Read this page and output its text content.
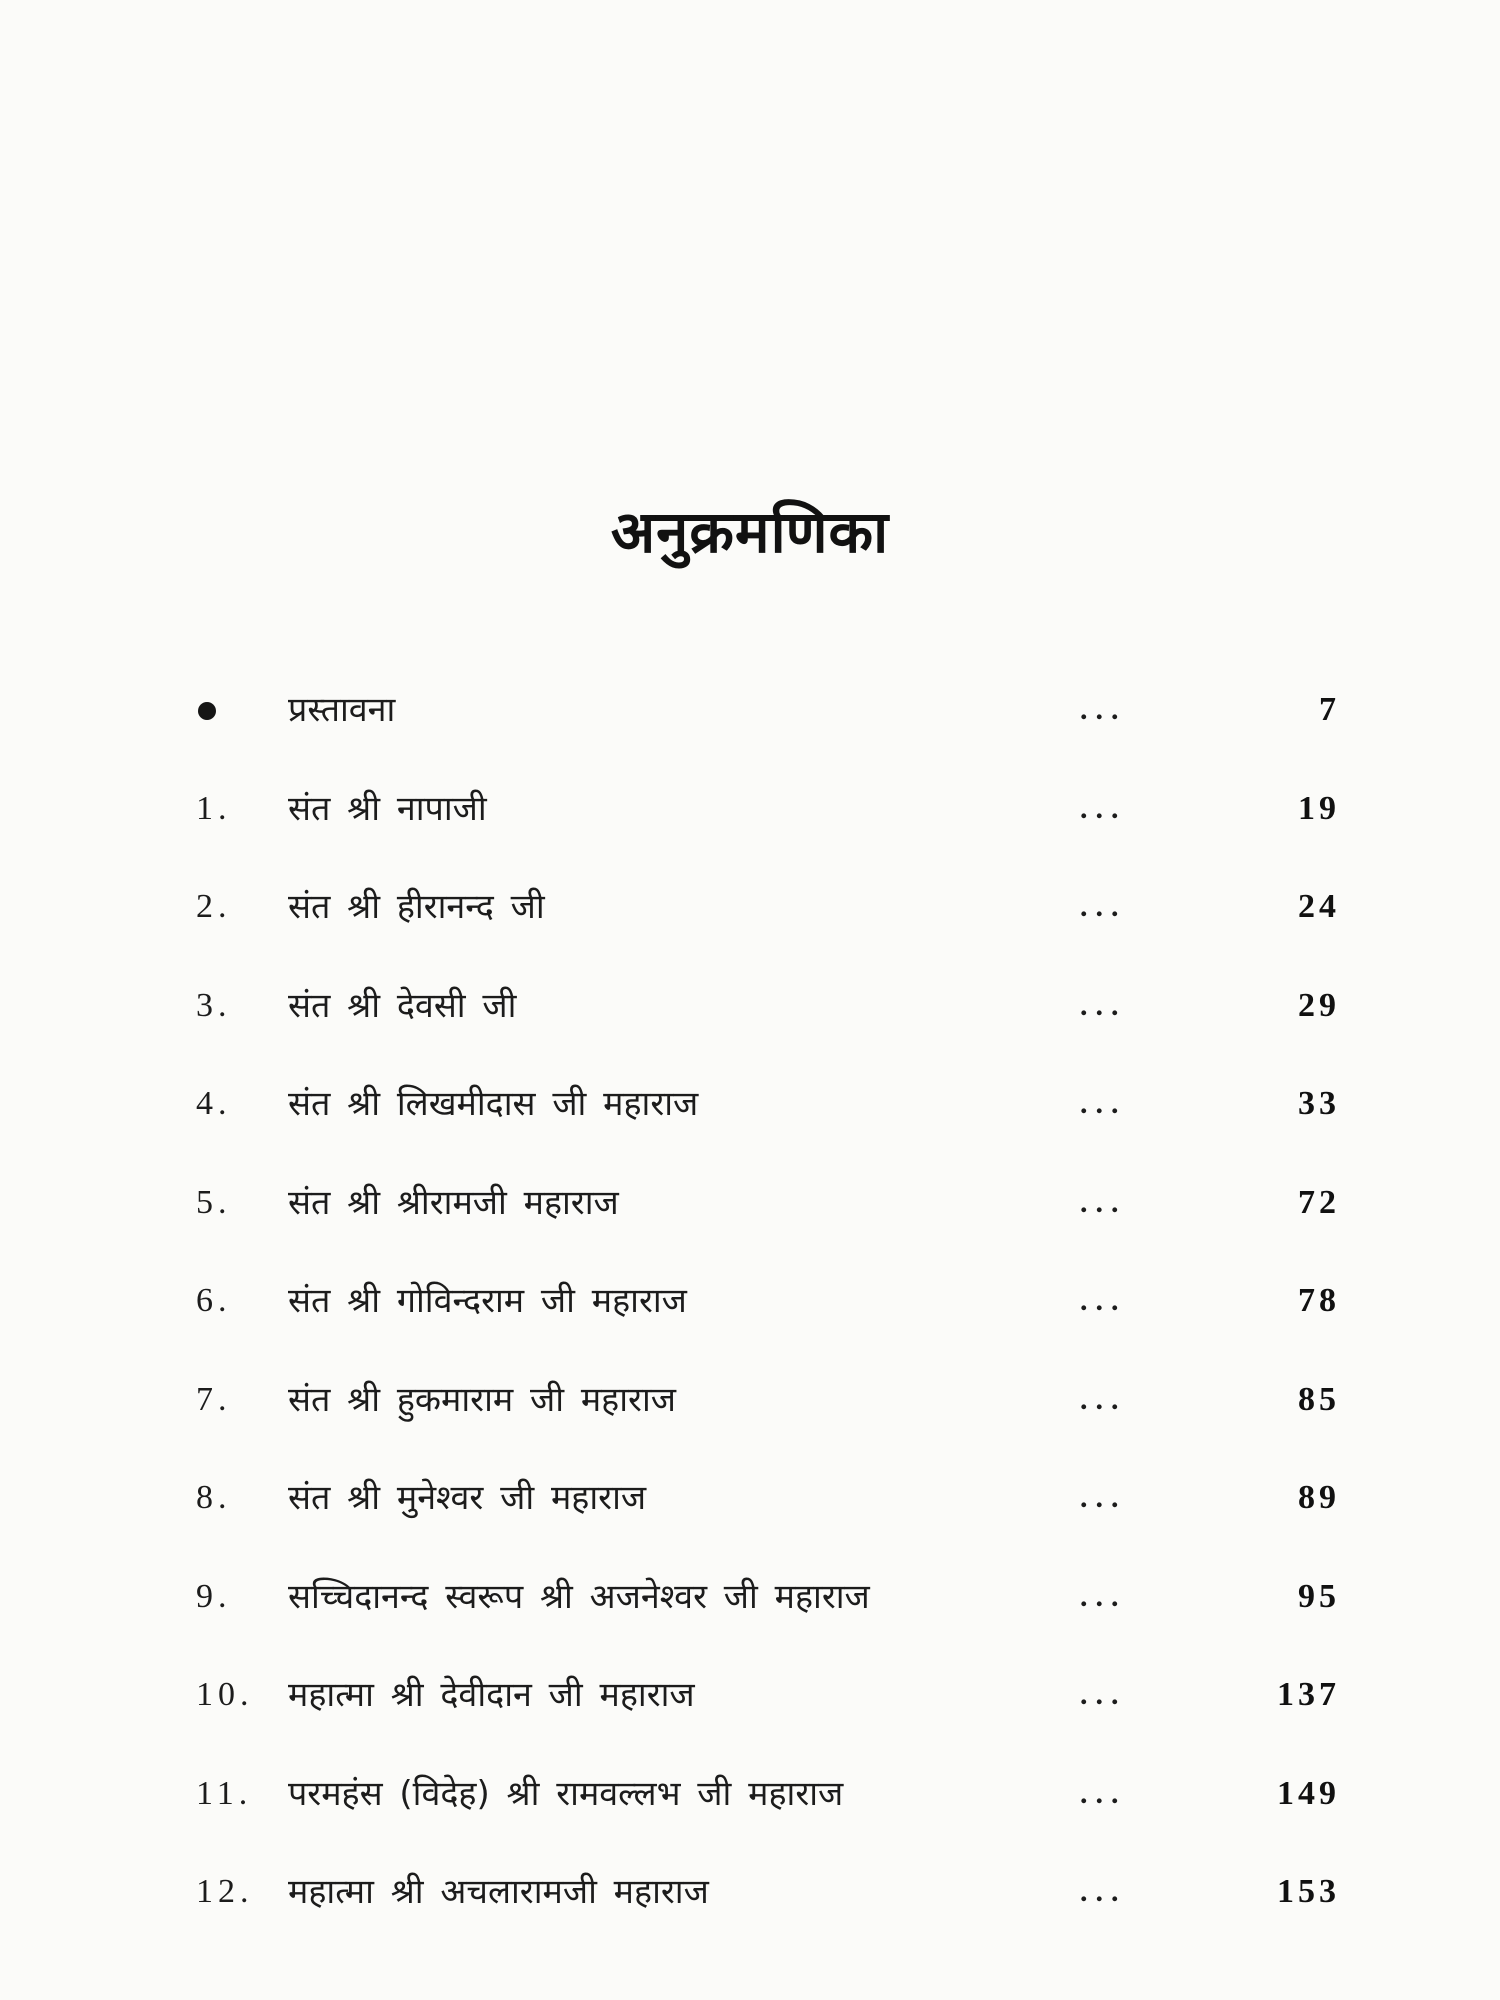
अनुक्रमणिका
प्रस्तावना	...	7
1. संत श्री नापाजी	...	19
2. संत श्री हीरानन्द जी	...	24
3. संत श्री देवसी जी	...	29
4. संत श्री लिखमीदास जी महाराज	...	33
5. संत श्री श्रीरामजी महाराज	...	72
6. संत श्री गोविन्दराम जी महाराज	...	78
7. संत श्री हुकमाराम जी महाराज	...	85
8. संत श्री मुनेश्वर जी महाराज	...	89
9. सच्चिदानन्द स्वरूप श्री अजनेश्वर जी महाराज	...	95
10. महात्मा श्री देवीदान जी महाराज	...	137
11. परमहंस (विदेह) श्री रामवल्लभ जी महाराज	...	149
12. महात्मा श्री अचलारामजी महाराज	...	153
